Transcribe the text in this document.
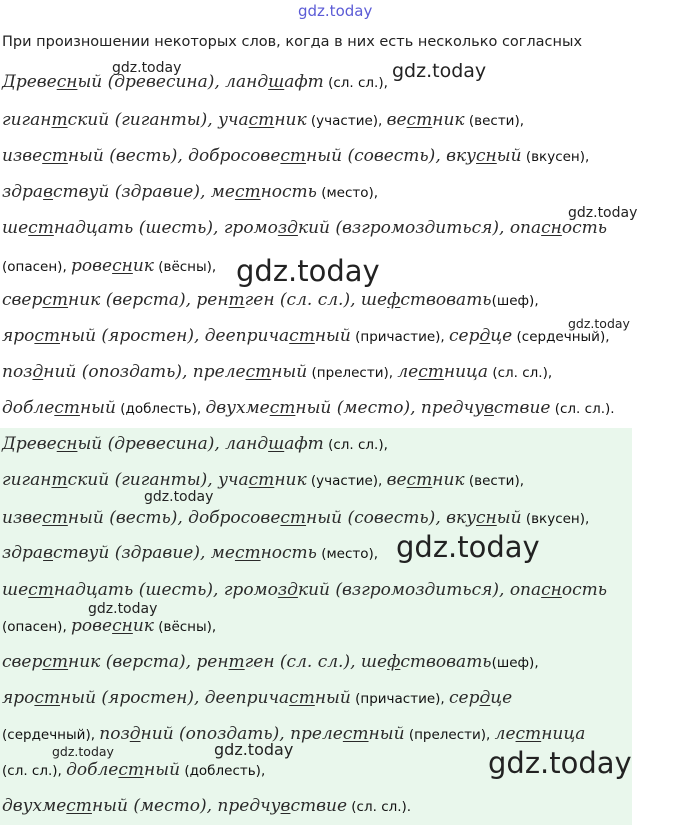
gdz.today
При произношении некоторых слов, когда в них есть несколько согласных
Древесный (древесина), ландшафт (сл. сл.),
гигантский (гиганты), участник (участие), вестник (вести),
известный (весть), добросовестный (совесть), вкусный (вкусен),
здравствуй (здравие), местность (место),
шестнадцать (шесть), громоздкий (взгромоздиться), опасность
(опасен), ровесник (вёсны),
сверстник (верста), рентген (сл. сл.), шефствовать(шеф),
яростный (яростен), деепричастный (причастие), сердце (сердечный),
поздний (опоздать), прелестный (прелести), лестница (сл. сл.),
доблестный (доблесть), двухместный (место), предчувствие (сл. сл.).
Древесный (древесина), ландшафт (сл. сл.),
гигантский (гиганты), участник (участие), вестник (вести),
известный (весть), добросовестный (совесть), вкусный (вкусен),
здравствуй (здравие), местность (место),
шестнадцать (шесть), громоздкий (взгромоздиться), опасность
(опасен), ровесник (вёсны),
сверстник (верста), рентген (сл. сл.), шефствовать(шеф),
яростный (яростен), деепричастный (причастие), сердце
(сердечный), поздний (опоздать), прелестный (прелести), лестница
(сл. сл.), доблестный (доблесть),
двухместный (место), предчувствие (сл. сл.).
gdz.today	gdz.today
gdz.today
gdz.today
gdz.today
gdz.today
gdz.today
gdz.today
gdz.today	gdz.today	gdz.today
